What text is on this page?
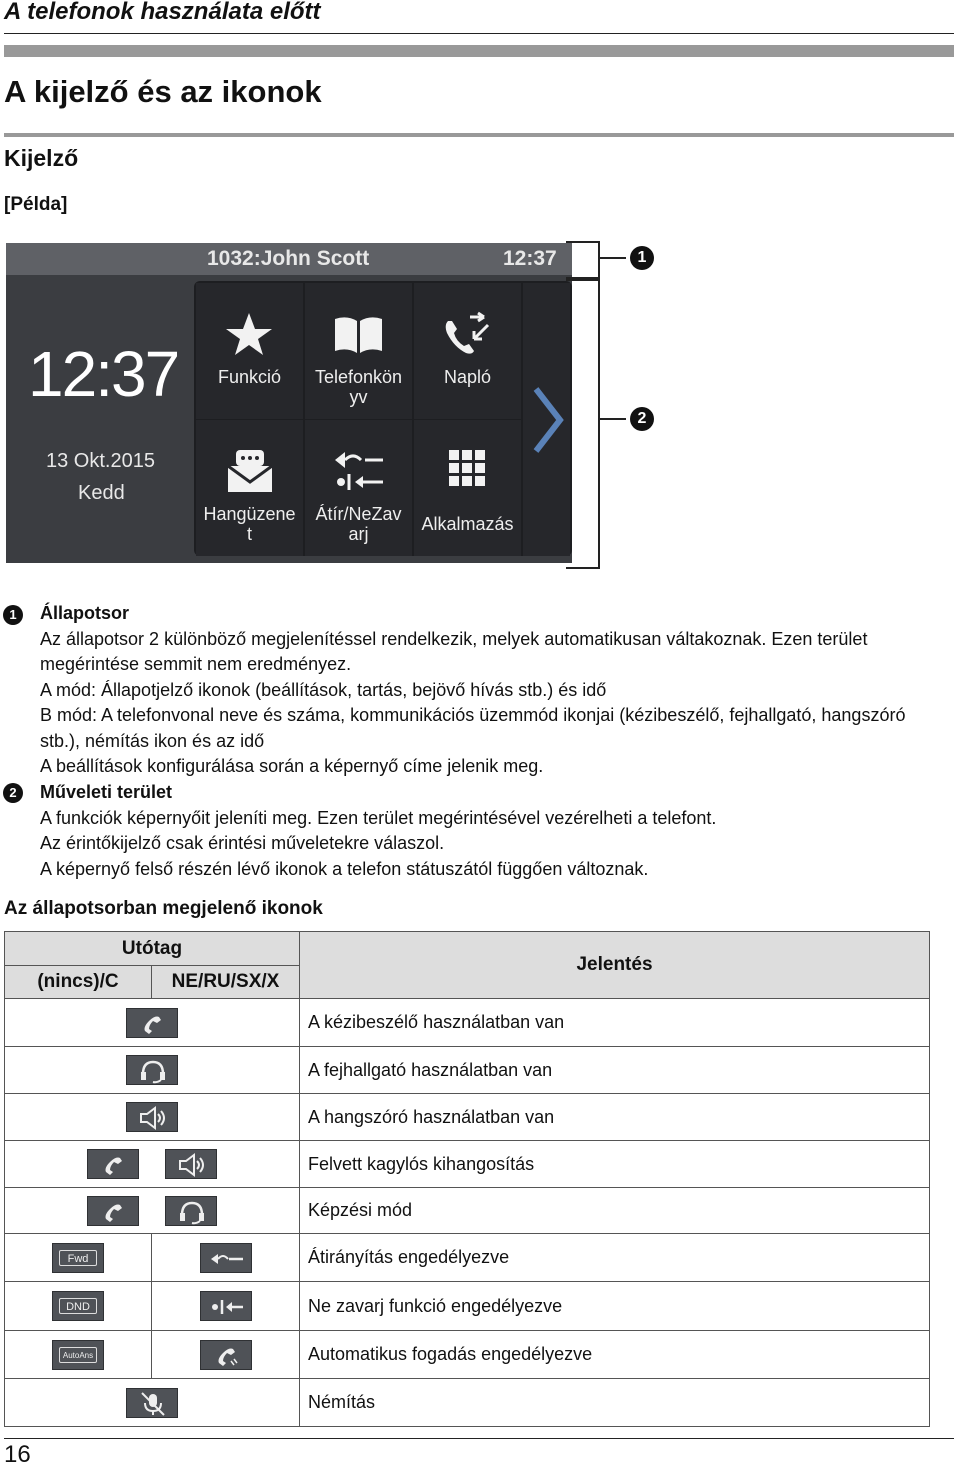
A telefonok használata előtt
A kijelző és az ikonok
Kijelző
[Példa]
1032:John Scott	12:37
12:37
13 Okt.2015
Kedd
Funkció	Telefonkön
yv
Napló
Hangüzene
t
Átír/NeZav
arj	Alkalmazás
1
2
1	Állapotsor
Az állapotsor 2 különböző megjelenítéssel rendelkezik, melyek automatikusan váltakoznak. Ezen terület
megérintése semmit nem eredményez.
A mód: Állapotjelző ikonok (beállítások, tartás, bejövő hívás stb.) és idő
B mód: A telefonvonal neve és száma, kommunikációs üzemmód ikonjai (kézibeszélő, fejhallgató, hangszóró
stb.), némítás ikon és az idő
A beállítások konfigurálása során a képernyő címe jelenik meg.
2	Műveleti terület
A funkciók képernyőit jeleníti meg. Ezen terület megérintésével vezérelheti a telefont.
Az érintőkijelző csak érintési műveletekre válaszol.
A képernyő felső részén lévő ikonok a telefon státuszától függően változnak.
Az állapotsorban megjelenő ikonok
Utótag		Jelentés
(nincs)/C	NE/RU/SX/X	

	A kézibeszélő használatban van

	A fejhallgató használatban van

	A hangszóró használatban van

	Felvett kagylós kihangosítás

	Képzési mód

Fwd		Átirányítás engedélyezve

DND		Ne zavarj funkció engedélyezve

AutoAns		Automatikus fogadás engedélyezve

	Némítás
16
